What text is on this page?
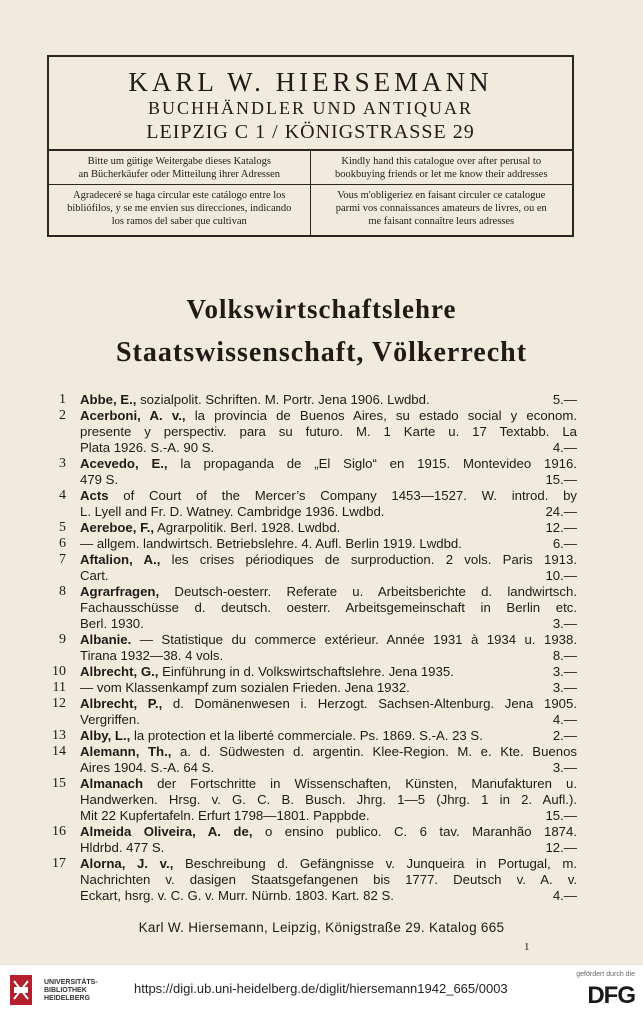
KARL W. HIERSEMANN
BUCHHÄNDLER UND ANTIQUAR
LEIPZIG C 1 / KÖNIGSTRASSE 29
Bitte um gütige Weitergabe dieses Katalogs
an Bücherkäufer oder Mitteilung ihrer Adressen
Kindly hand this catalogue over after perusal to
bookbuying friends or let me know their addresses
Agradeceré se haga circular este catálogo entre los
bibliófilos, y se me envien sus direcciones, indicando
los ramos del saber que cultivan
Vous m'obligeriez en faisant circuler ce catalogue
parmi vos connaissances amateurs de livres, ou en
me faisant connaître leurs adresses
Volkswirtschaftslehre
Staatswissenschaft, Völkerrecht
1 Abbe, E., sozialpolit. Schriften. M. Portr. Jena 1906. Lwdbd.	5.—
2 Acerboni, A. v., la provincia de Buenos Aires, su estado social y econom.
presente y perspectiv. para su futuro. M. 1 Karte u. 17 Textabb. La
Plata 1926. S.-A. 90 S.	4.—
3 Acevedo, E., la propaganda de „El Siglo“ en 1915. Montevideo 1916.
479 S.	15.—
4 Acts of Court of the Mercer’s Company 1453—1527. W. introd. by
L. Lyell and Fr. D. Watney. Cambridge 1936. Lwdbd.	24.—
5 Aereboe, F., Agrarpolitik. Berl. 1928. Lwdbd.	12.—
6 — allgem. landwirtsch. Betriebslehre. 4. Aufl. Berlin 1919. Lwdbd.	6.—
7 Aftalion, A., les crises périodiques de surproduction. 2 vols. Paris 1913.
Cart.	10.—
8 Agrarfragen, Deutsch-oesterr. Referate u. Arbeitsberichte d. landwirtsch.
Fachausschüsse d. deutsch. oesterr. Arbeitsgemeinschaft in Berlin etc.
Berl. 1930.	3.—
9 Albanie. — Statistique du commerce extérieur. Année 1931 à 1934 u. 1938.
Tirana 1932—38. 4 vols.	8.—
10 Albrecht, G., Einführung in d. Volkswirtschaftslehre. Jena 1935.	3.—
11 — vom Klassenkampf zum sozialen Frieden. Jena 1932.	3.—
12 Albrecht, P., d. Domänenwesen i. Herzogt. Sachsen-Altenburg. Jena 1905.
Vergriffen.	4.—
13 Alby, L., la protection et la liberté commerciale. Ps. 1869. S.-A. 23 S.	2.—
14 Alemann, Th., a. d. Südwesten d. argentin. Klee-Region. M. e. Kte. Buenos
Aires 1904. S.-A. 64 S.	3.—
15 Almanach der Fortschritte in Wissenschaften, Künsten, Manufakturen u.
Handwerken. Hrsg. v. G. C. B. Busch. Jhrg. 1—5 (Jhrg. 1 in 2. Aufl.).
Mit 22 Kupfertafeln. Erfurt 1798—1801. Pappbde.	15.—
16 Almeida Oliveira, A. de, o ensino publico. C. 6 tav. Maranhão 1874.
Hldrbd. 477 S.	12.—
17 Alorna, J. v., Beschreibung d. Gefängnisse v. Junqueira in Portugal, m.
Nachrichten v. dasigen Staatsgefangenen bis 1777. Deutsch v. A. v.
Eckart, hsrg. v. C. G. v. Murr. Nürnb. 1803. Kart. 82 S.	4.—
Karl W. Hiersemann, Leipzig, Königstraße 29. Katalog 665
1
UNIVERSITÄTS-
BIBLIOTHEK
HEIDELBERG
https://digi.ub.uni-heidelberg.de/diglit/hiersemann1942_665/0003
gefördert durch die
DFG
